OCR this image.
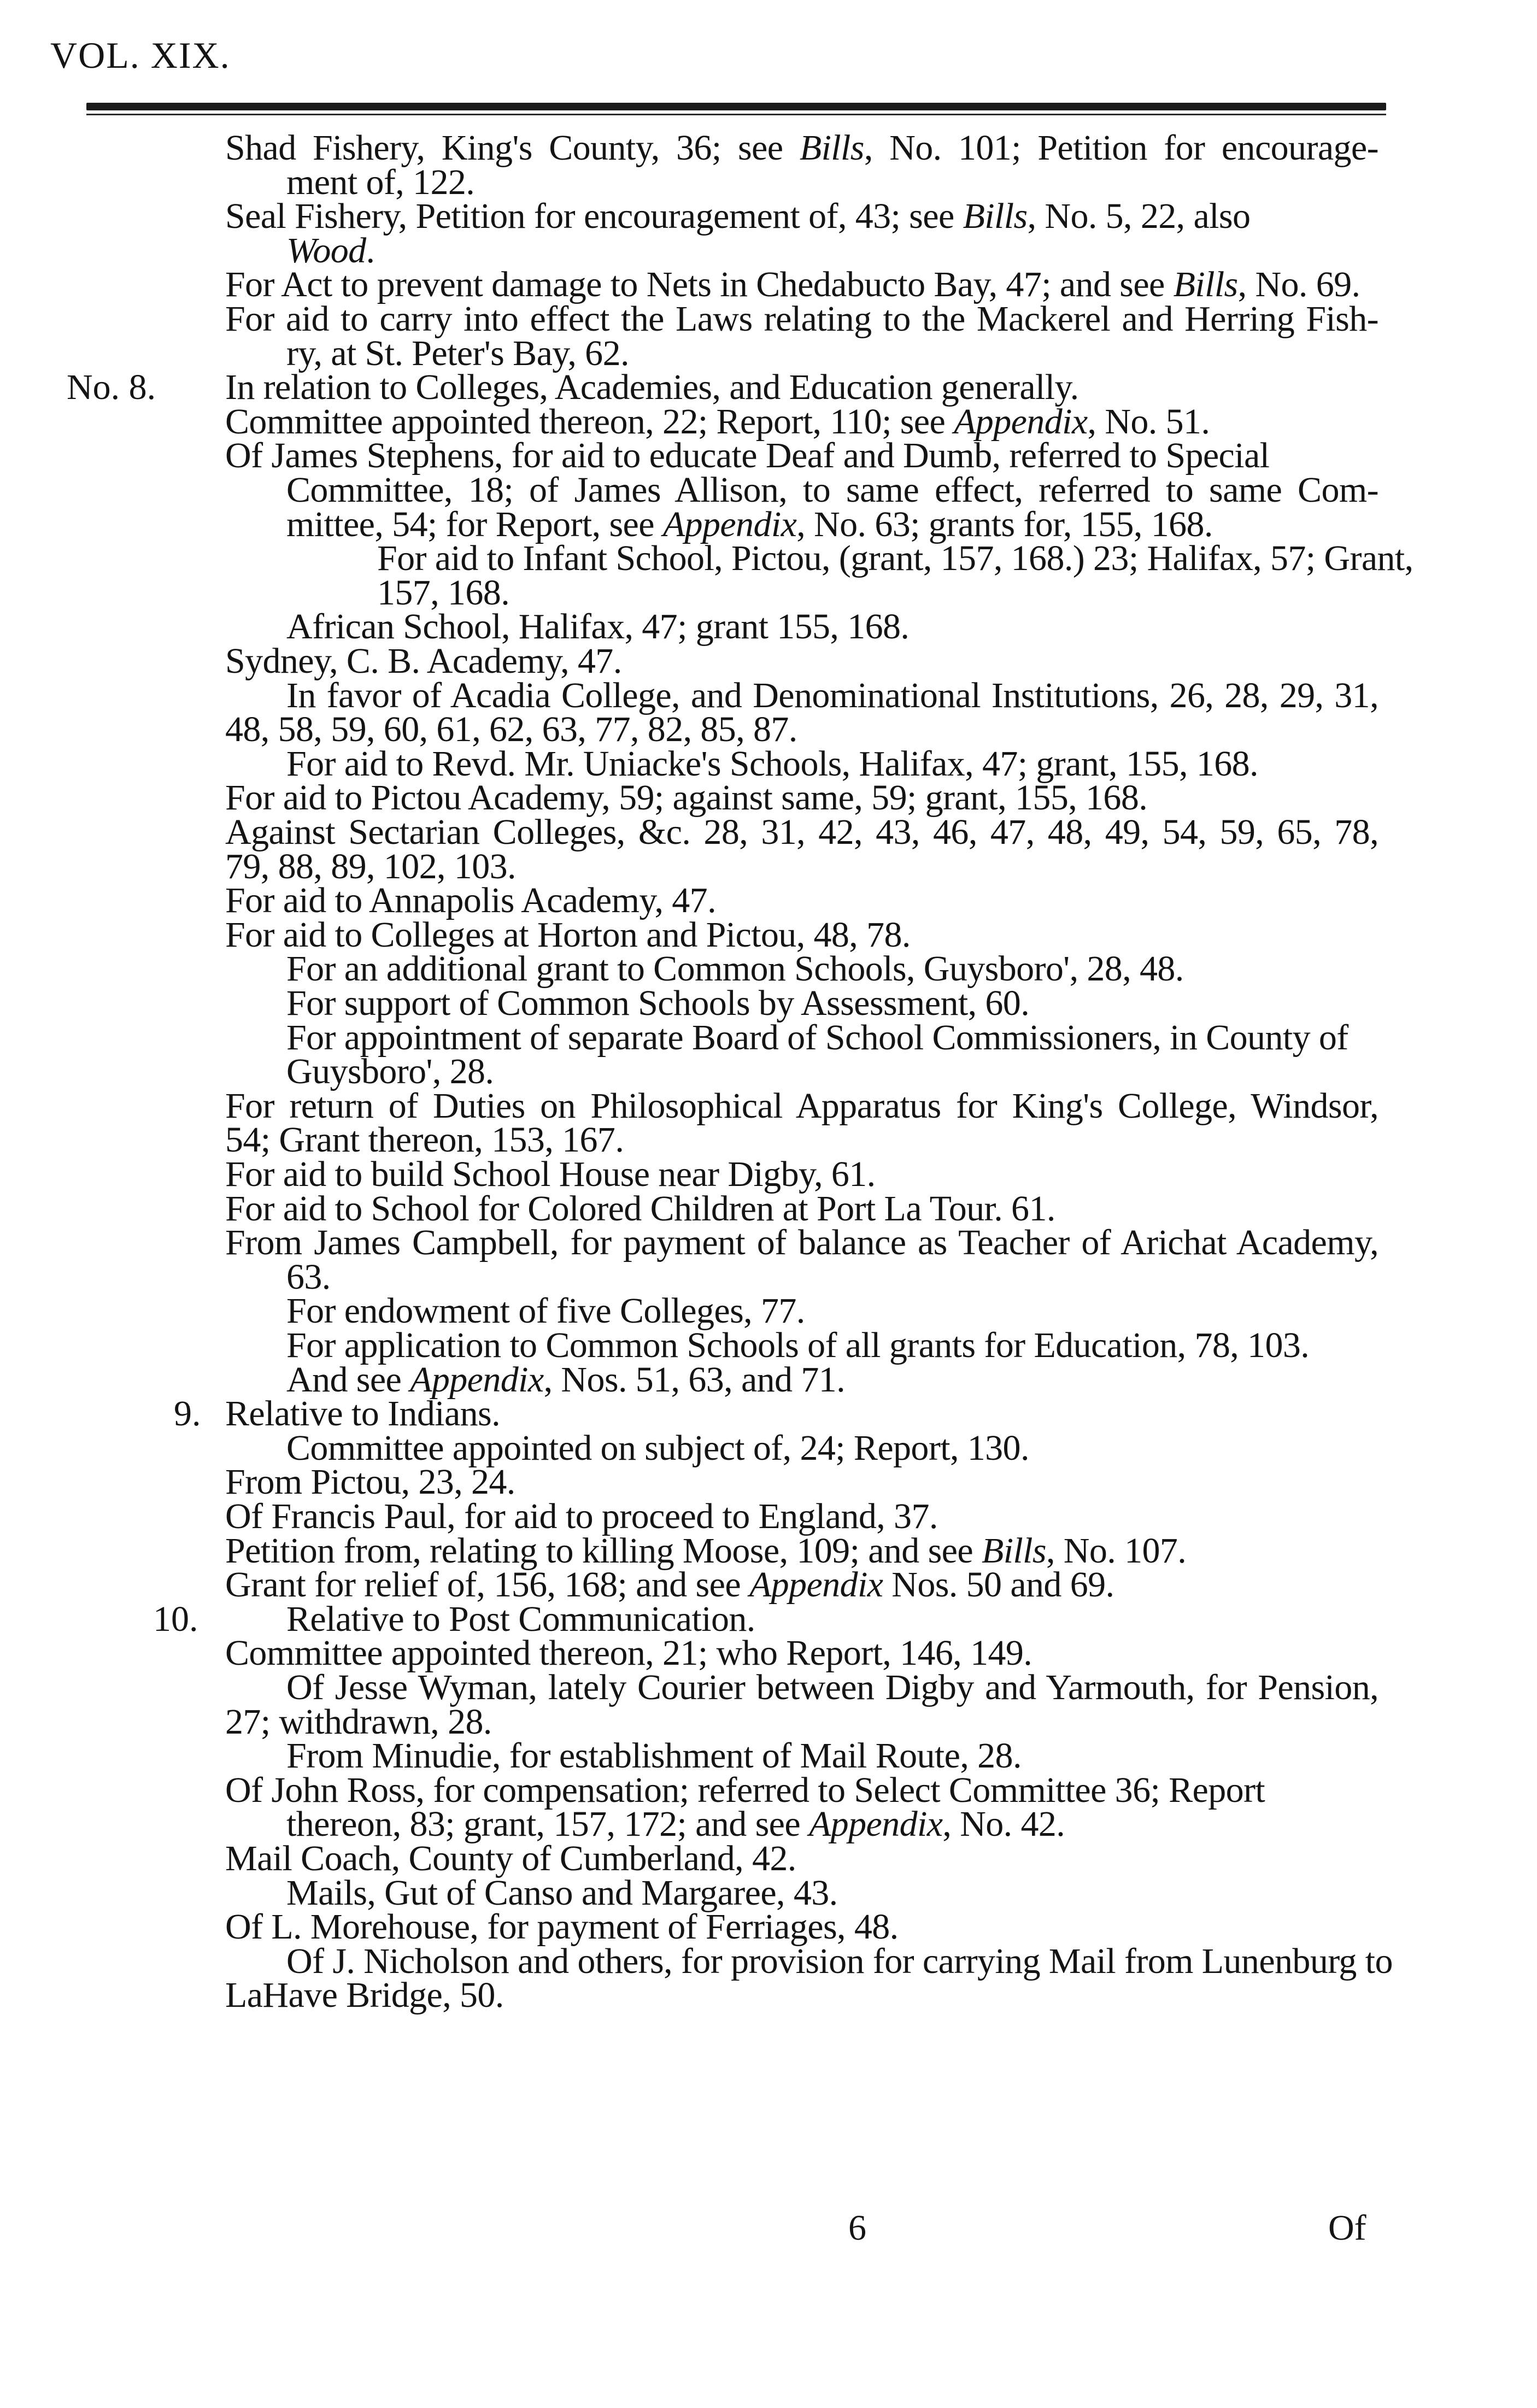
VOL. XIX.
Shad Fishery, King's County, 36; see Bills, No. 101; Petition for encourage-
ment of, 122.
Seal Fishery, Petition for encouragement of, 43; see Bills, No. 5, 22, also
Wood.
For Act to prevent damage to Nets in Chedabucto Bay, 47; and see Bills, No. 69.
For aid to carry into effect the Laws relating to the Mackerel and Herring Fish-
ry, at St. Peter's Bay, 62.
No. 8. In relation to Colleges, Academies, and Education generally.
Committee appointed thereon, 22; Report, 110; see Appendix, No. 51.
Of James Stephens, for aid to educate Deaf and Dumb, referred to Special
Committee, 18; of James Allison, to same effect, referred to same Com-
mittee, 54; for Report, see Appendix, No. 63; grants for, 155, 168.
For aid to Infant School, Pictou, (grant, 157, 168.) 23; Halifax, 57; Grant,
157, 168.
African School, Halifax, 47; grant 155, 168.
Sydney, C. B. Academy, 47.
In favor of Acadia College, and Denominational Institutions, 26, 28, 29, 31,
48, 58, 59, 60, 61, 62, 63, 77, 82, 85, 87.
For aid to Revd. Mr. Uniacke's Schools, Halifax, 47; grant, 155, 168.
For aid to Pictou Academy, 59; against same, 59; grant, 155, 168.
Against Sectarian Colleges, &c. 28, 31, 42, 43, 46, 47, 48, 49, 54, 59, 65, 78,
79, 88, 89, 102, 103.
For aid to Annapolis Academy, 47.
For aid to Colleges at Horton and Pictou, 48, 78.
For an additional grant to Common Schools, Guysboro', 28, 48.
For support of Common Schools by Assessment, 60.
For appointment of separate Board of School Commissioners, in County of
Guysboro', 28.
For return of Duties on Philosophical Apparatus for King's College, Windsor,
54; Grant thereon, 153, 167.
For aid to build School House near Digby, 61.
For aid to School for Colored Children at Port La Tour. 61.
From James Campbell, for payment of balance as Teacher of Arichat Academy,
63.
For endowment of five Colleges, 77.
For application to Common Schools of all grants for Education, 78, 103.
And see Appendix, Nos. 51, 63, and 71.
9. Relative to Indians.
Committee appointed on subject of, 24; Report, 130.
From Pictou, 23, 24.
Of Francis Paul, for aid to proceed to England, 37.
Petition from, relating to killing Moose, 109; and see Bills, No. 107.
Grant for relief of, 156, 168; and see Appendix Nos. 50 and 69.
10. Relative to Post Communication.
Committee appointed thereon, 21; who Report, 146, 149.
Of Jesse Wyman, lately Courier between Digby and Yarmouth, for Pension,
27; withdrawn, 28.
From Minudie, for establishment of Mail Route, 28.
Of John Ross, for compensation; referred to Select Committee 36; Report
thereon, 83; grant, 157, 172; and see Appendix, No. 42.
Mail Coach, County of Cumberland, 42.
Mails, Gut of Canso and Margaree, 43.
Of L. Morehouse, for payment of Ferriages, 48.
Of J. Nicholson and others, for provision for carrying Mail from Lunenburg to
LaHave Bridge, 50.
6	Of
